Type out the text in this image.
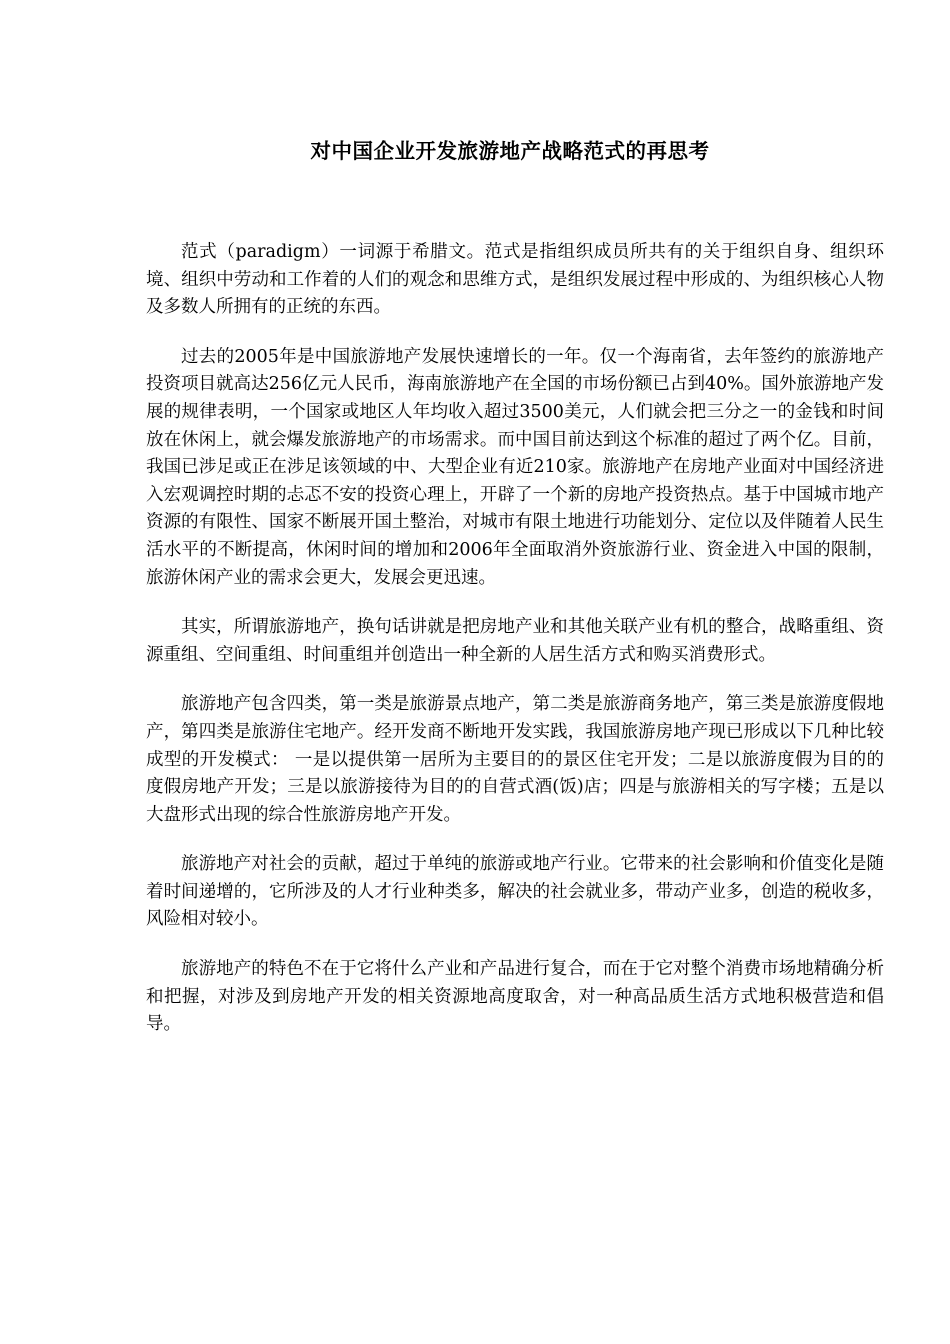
对中国企业开发旅游地产战略范式的再思考

范式（paradigm）一词源于希腊文。范式是指组织成员所共有的关于组织自身、组织环境、组织中劳动和工作着的人们的观念和思维方式，是组织发展过程中形成的、为组织核心人物及多数人所拥有的正统的东西。

过去的2005年是中国旅游地产发展快速增长的一年。仅一个海南省，去年签约的旅游地产投资项目就高达256亿元人民币，海南旅游地产在全国的市场份额已占到40%。国外旅游地产发展的规律表明，一个国家或地区人年均收入超过3500美元，人们就会把三分之一的金钱和时间放在休闲上，就会爆发旅游地产的市场需求。而中国目前达到这个标准的超过了两个亿。目前，我国已涉足或正在涉足该领域的中、大型企业有近210家。旅游地产在房地产业面对中国经济进入宏观调控时期的忐忑不安的投资心理上，开辟了一个新的房地产投资热点。基于中国城市地产资源的有限性、国家不断展开国土整治，对城市有限土地进行功能划分、定位以及伴随着人民生活水平的不断提高，休闲时间的增加和2006年全面取消外资旅游行业、资金进入中国的限制，旅游休闲产业的需求会更大，发展会更迅速。

其实，所谓旅游地产，换句话讲就是把房地产业和其他关联产业有机的整合，战略重组、资源重组、空间重组、时间重组并创造出一种全新的人居生活方式和购买消费形式。

旅游地产包含四类，第一类是旅游景点地产，第二类是旅游商务地产，第三类是旅游度假地产，第四类是旅游住宅地产。经开发商不断地开发实践，我国旅游房地产现已形成以下几种比较成型的开发模式： 一是以提供第一居所为主要目的的景区住宅开发；二是以旅游度假为目的的度假房地产开发；三是以旅游接待为目的的自营式酒(饭)店；四是与旅游相关的写字楼；五是以大盘形式出现的综合性旅游房地产开发。

旅游地产对社会的贡献，超过于单纯的旅游或地产行业。它带来的社会影响和价值变化是随着时间递增的，它所涉及的人才行业种类多，解决的社会就业多，带动产业多，创造的税收多，风险相对较小。

旅游地产的特色不在于它将什么产业和产品进行复合，而在于它对整个消费市场地精确分析和把握，对涉及到房地产开发的相关资源地高度取舍，对一种高品质生活方式地积极营造和倡导。
